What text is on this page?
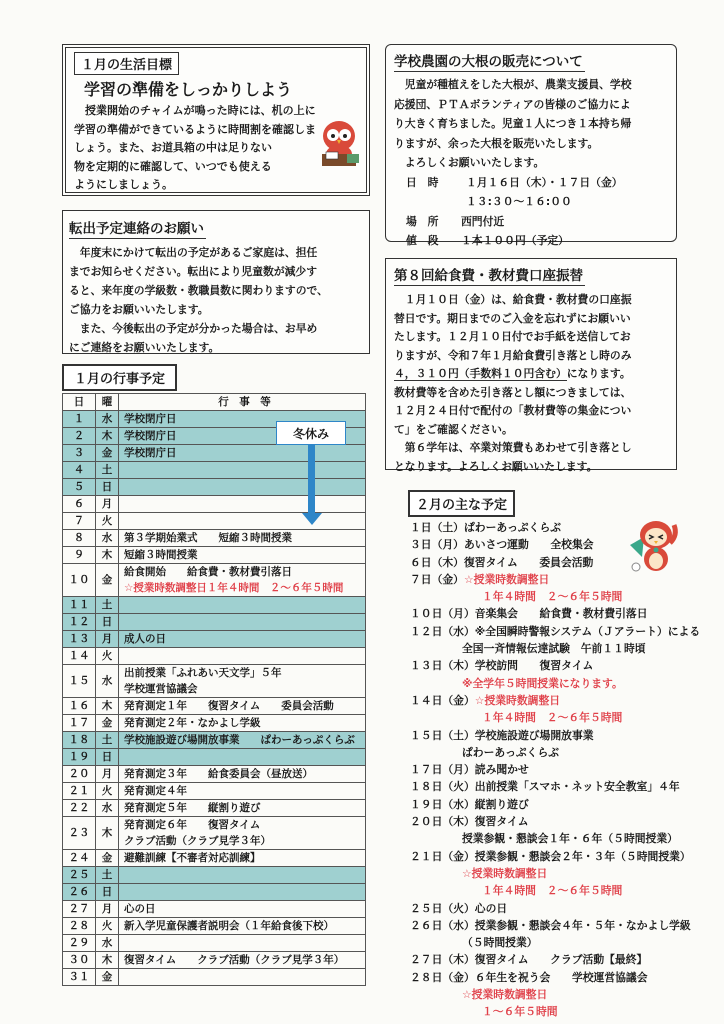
１月の生活目標
学習の準備をしっかりしよう

授業開始のチャイムが鳴った時には、机の上に

学習の準備ができているように時間割を確認しま

しょう。また、お道具箱の中は足りない

物を定期的に確認して、いつでも使える

ようにしましょう。

転出予定連絡のお願い

年度末にかけて転出の予定があるご家庭は、担任

までお知らせください。転出により児童数が減少す

ると、来年度の学級数・教職員数に関わりますので、

ご協力をお願いいたします。

また、今後転出の予定が分かった場合は、お早め

にご連絡をお願いいたします。

学校農園の大根の販売について

児童が種植えをした大根が、農業支援員、学校

応援団、ＰＴＡボランティアの皆様のご協力によ

り大きく育ちました。児童１人につき１本持ち帰

りますが、余った大根を販売いたします。

よろしくお願いいたします。

日　時	１月１６日（木）・１７日（金）

１３:３０～１６:００

場　所 西門付近

値　段 １本１００円（予定）

第８回給食費・教材費口座振替

１月１０日（金）は、給食費・教材費の口座振

替日です。期日までのご入金を忘れずにお願いい

たします。１２月１０日付でお手紙を送信してお

りますが、令和７年１月給食費引き落とし時のみ

４，３１０円（手数料１０円含む）になります。

教材費等を含めた引き落とし額につきましては、

１２月２４日付で配付の「教材費等の集金につい

て」をご確認ください。

第６学年は、卒業対策費もあわせて引き落とし

となります。よろしくお願いいたします。

１月の行事予定
日	曜	行　事　等
１	水	学校閉庁日

２	木	学校閉庁日

３	金	学校閉庁日

４	土	

５	日	

６	月	

７	火	

８	水	第３学期始業式　　短縮３時間授業

９	木	短縮３時間授業

１０	金	給食開始　　給食費・教材費引落日
☆授業時数調整日１年４時間　２～６年５時間

１１	土	

１２	日	

１３	月	成人の日

１４	火	

１５	水	出前授業「ふれあい天文学」５年
学校運営協議会

１６	木	発育測定１年　　復習タイム　　委員会活動

１７	金	発育測定２年・なかよし学級

１８	土	学校施設遊び場開放事業　　ぱわーあっぷくらぶ

１９	日	

２０	月	発育測定３年　　給食委員会（昼放送）

２１	火	発育測定４年

２２	水	発育測定５年　　縦割り遊び

２３	木	発育測定６年　　復習タイム
クラブ活動（クラブ見学３年）

２４	金	避難訓練【不審者対応訓練】

２５	土	

２６	日	

２７	月	心の日

２８	火	新入学児童保護者説明会（１年給食後下校）

２９	水	

３０	木	復習タイム　　クラブ活動（クラブ見学３年）

３１	金	
冬休み
２月の主な予定
１日（土）ぱわーあっぷくらぶ
３日（月）あいさつ運動　　全校集会
６日（木）復習タイム　　委員会活動
７日（金）☆授業時数調整日
１年４時間　２～６年５時間
１０日（月）音楽集会　　給食費・教材費引落日
１２日（水）※全国瞬時警報システム（Ｊアラート）による
全国一斉情報伝達試験　午前１１時頃
１３日（木）学校訪問　　復習タイム
※全学年５時間授業になります。
１４日（金）☆授業時数調整日
１年４時間　２～６年５時間
１５日（土）学校施設遊び場開放事業
ぱわーあっぷくらぶ
１７日（月）読み聞かせ
１８日（火）出前授業「スマホ・ネット安全教室」４年
１９日（水）縦割り遊び
２０日（木）復習タイム
授業参観・懇談会１年・６年（５時間授業）
２１日（金）授業参観・懇談会２年・３年（５時間授業）
☆授業時数調整日
１年４時間　２～６年５時間
２５日（火）心の日
２６日（水）授業参観・懇談会４年・５年・なかよし学級
（５時間授業）
２７日（木）復習タイム　　クラブ活動【最終】
２８日（金）６年生を祝う会　　学校運営協議会
☆授業時数調整日
１～６年５時間
